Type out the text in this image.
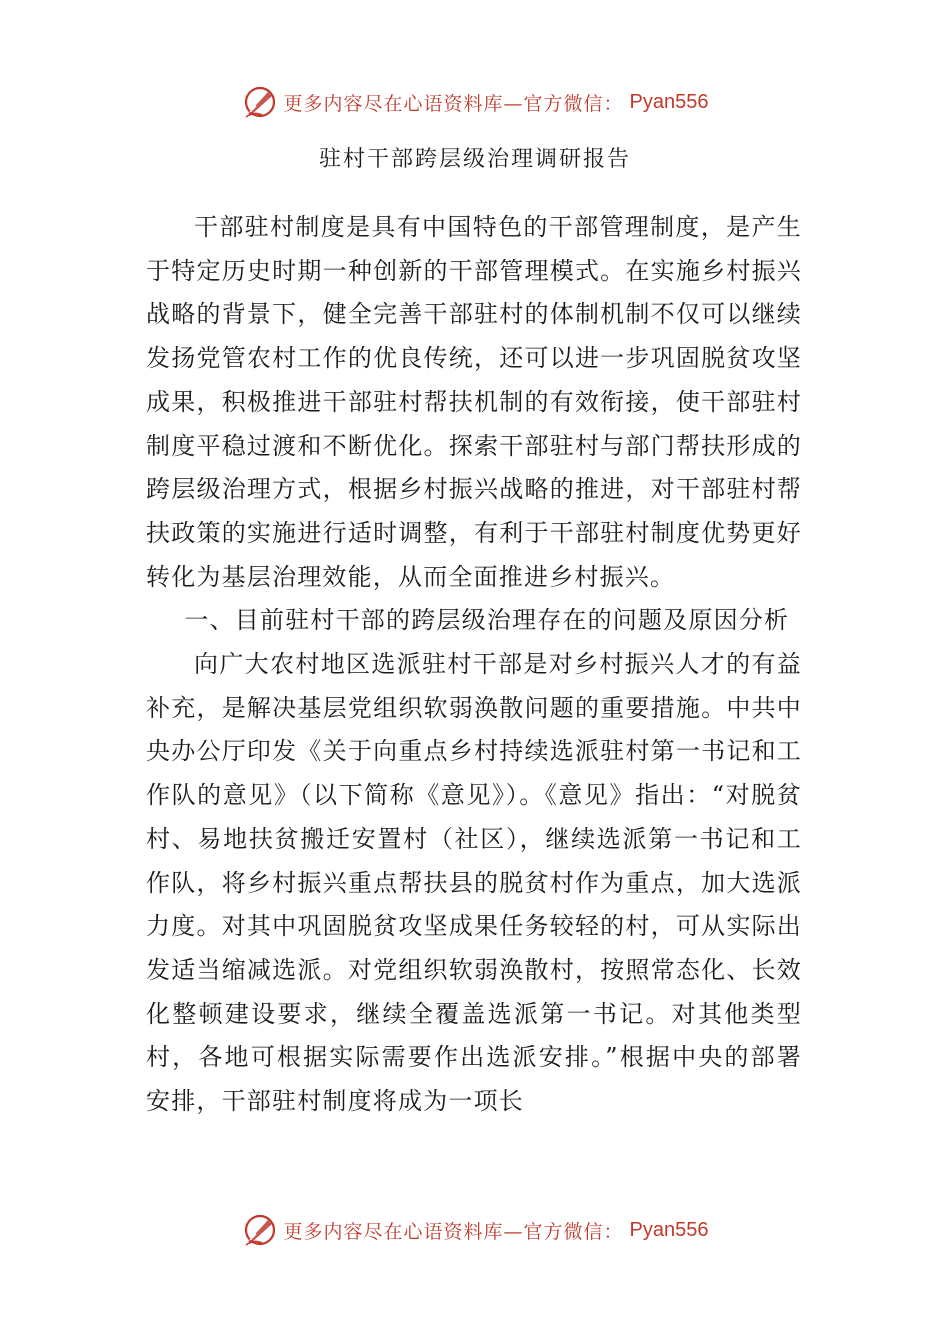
更多内容尽在心语资料库—官方微信： Pyan556
驻村干部跨层级治理调研报告

干部驻村制度是具有中国特色的干部管理制度，是产生于特定历史时期一种创新的干部管理模式。在实施乡村振兴战略的背景下，健全完善干部驻村的体制机制不仅可以继续发扬党管农村工作的优良传统，还可以进一步巩固脱贫攻坚成果，积极推进干部驻村帮扶机制的有效衔接，使干部驻村制度平稳过渡和不断优化。探索干部驻村与部门帮扶形成的跨层级治理方式，根据乡村振兴战略的推进，对干部驻村帮扶政策的实施进行适时调整，有利于干部驻村制度优势更好转化为基层治理效能，从而全面推进乡村振兴。

一、目前驻村干部的跨层级治理存在的问题及原因分析

向广大农村地区选派驻村干部是对乡村振兴人才的有益补充，是解决基层党组织软弱涣散问题的重要措施。中共中央办公厅印发《关于向重点乡村持续选派驻村第一书记和工作队的意见》（以下简称《意见》）。《意见》指出：“对脱贫村、易地扶贫搬迁安置村（社区），继续选派第一书记和工作队，将乡村振兴重点帮扶县的脱贫村作为重点，加大选派力度。对其中巩固脱贫攻坚成果任务较轻的村，可从实际出发适当缩减选派。对党组织软弱涣散村，按照常态化、长效化整顿建设要求，继续全覆盖选派第一书记。对其他类型村，各地可根据实际需要作出选派安排。”根据中央的部署安排，干部驻村制度将成为一项长

更多内容尽在心语资料库—官方微信： Pyan556
